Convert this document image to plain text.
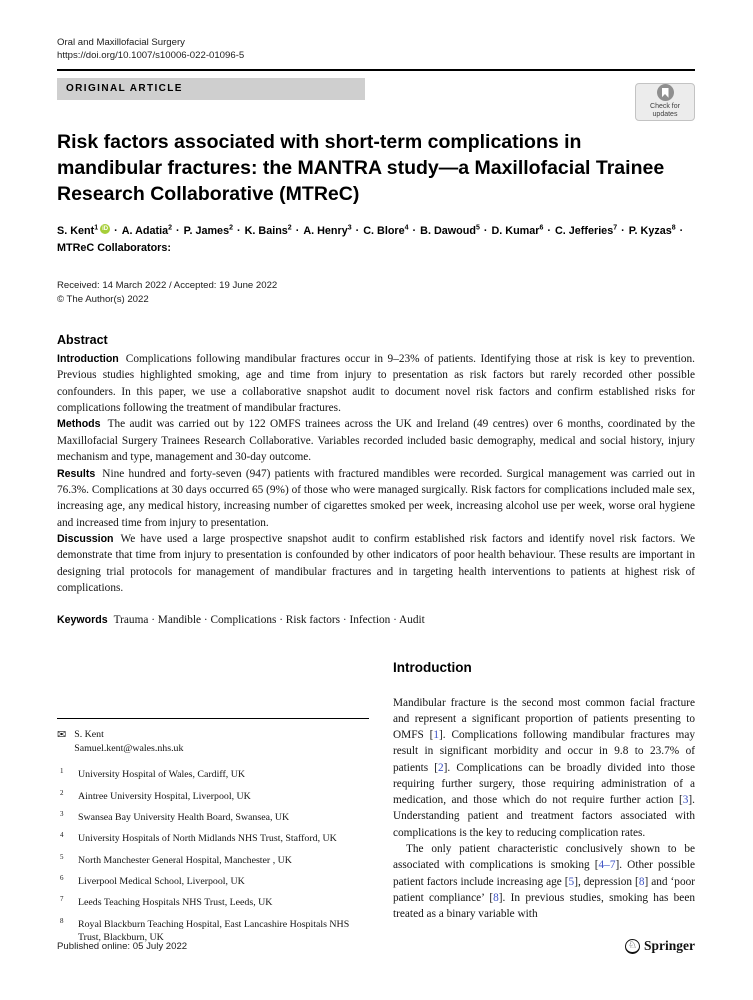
Oral and Maxillofacial Surgery
https://doi.org/10.1007/s10006-022-01096-5
ORIGINAL ARTICLE
Check for
updates
Risk factors associated with short-term complications in mandibular fractures: the MANTRA study—a Maxillofacial Trainee Research Collaborative (MTReC)
S. Kent$^1$ iD · A. Adatia$^2$ · P. James$^2$ · K. Bains$^2$ · A. Henry$^3$ · C. Blore$^4$ · B. Dawoud$^5$ · D. Kumar$^6$ · C. Jefferies$^7$ · P. Kyzas$^8$ · MTReC Collaborators:
Received: 14 March 2022 / Accepted: 19 June 2022
© The Author(s) 2022
Abstract

Introduction Complications following mandibular fractures occur in 9–23% of patients. Identifying those at risk is key to prevention. Previous studies highlighted smoking, age and time from injury to presentation as risk factors but rarely recorded other possible confounders. In this paper, we use a collaborative snapshot audit to document novel risk factors and confirm established risks for complications following the treatment of mandibular fractures.

Methods The audit was carried out by 122 OMFS trainees across the UK and Ireland (49 centres) over 6 months, coordinated by the Maxillofacial Surgery Trainees Research Collaborative. Variables recorded included basic demography, medical and social history, injury mechanism and type, management and 30-day outcome.

Results Nine hundred and forty-seven (947) patients with fractured mandibles were recorded. Surgical management was carried out in 76.3%. Complications at 30 days occurred 65 (9%) of those who were managed surgically. Risk factors for complications included male sex, increasing age, any medical history, increasing number of cigarettes smoked per week, increasing alcohol use per week, worse oral hygiene and increased time from injury to presentation.

Discussion We have used a large prospective snapshot audit to confirm established risk factors and identify novel risk factors. We demonstrate that time from injury to presentation is confounded by other indicators of poor health behaviour. These results are important in designing trial protocols for management of mandibular fractures and in targeting health interventions to patients at highest risk of complications.

Keywords Trauma · Mandible · Complications · Risk factors · Infection · Audit
✉ S. Kent
Samuel.kent@wales.nhs.uk
1 University Hospital of Wales, Cardiff, UK
2 Aintree University Hospital, Liverpool, UK
3 Swansea Bay University Health Board, Swansea, UK
4 University Hospitals of North Midlands NHS Trust, Stafford, UK
5 North Manchester General Hospital, Manchester , UK
6 Liverpool Medical School, Liverpool, UK
7 Leeds Teaching Hospitals NHS Trust, Leeds, UK
8 Royal Blackburn Teaching Hospital, East Lancashire Hospitals NHS Trust, Blackburn, UK
Introduction

Mandibular fracture is the second most common facial fracture and represent a significant proportion of patients presenting to OMFS [1]. Complications following mandibular fractures may result in significant morbidity and occur in 9.8 to 23.7% of patients [2]. Complications can be broadly divided into those requiring further surgery, those requiring administration of a medication, and those which do not require further action [3]. Understanding patient and treatment factors associated with complications is the key to reducing complication rates.

The only patient characteristic conclusively shown to be associated with complications is smoking [4–7]. Other possible patient factors include increasing age [5], depression [8] and ‘poor patient compliance’ [8]. In previous studies, smoking has been treated as a binary variable with

Published online: 05 July 2022	♘ Springer
